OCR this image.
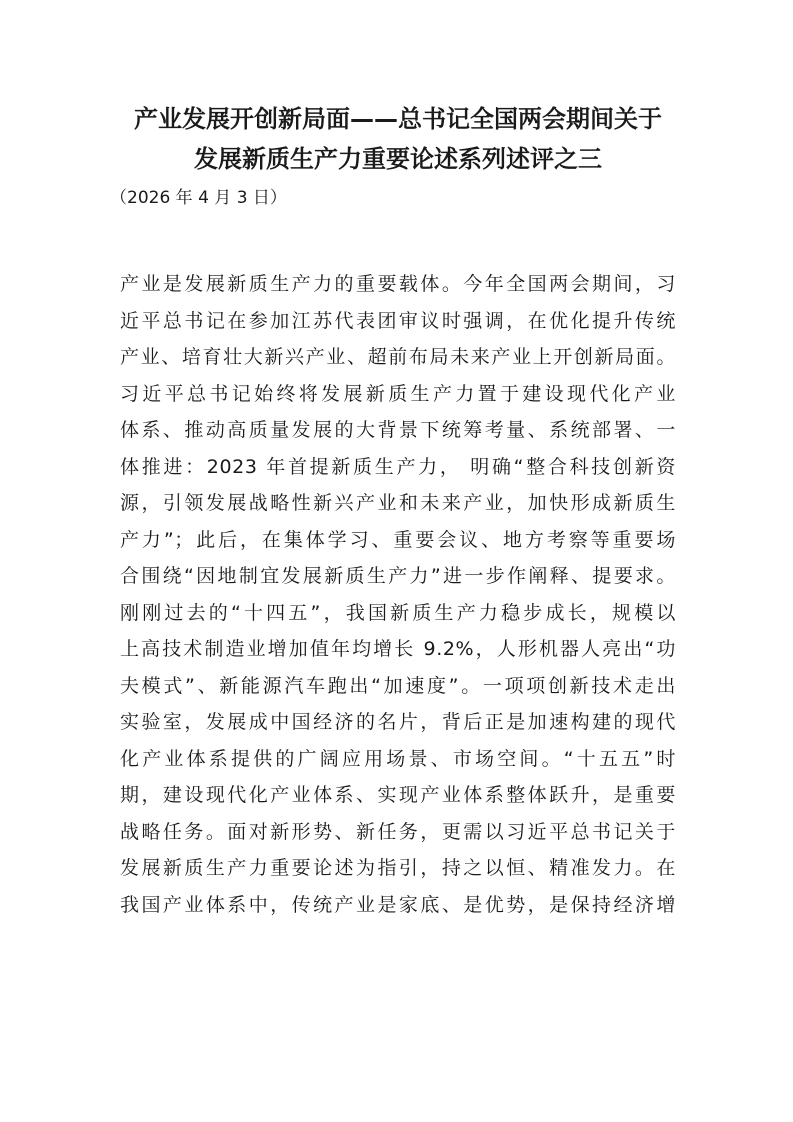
产业发展开创新局面——总书记全国两会期间关于
发展新质生产力重要论述系列述评之三
（2026 年 4 月 3 日）
产业是发展新质生产力的重要载体。今年全国两会期间，习
近平总书记在参加江苏代表团审议时强调，在优化提升传统
产业、培育壮大新兴产业、超前布局未来产业上开创新局面。
习近平总书记始终将发展新质生产力置于建设现代化产业
体系、推动高质量发展的大背景下统筹考量、系统部署、一
体推进：2023 年首提新质生产力， 明确“整合科技创新资
源，引领发展战略性新兴产业和未来产业，加快形成新质生
产力”；此后，在集体学习、重要会议、地方考察等重要场
合围绕“因地制宜发展新质生产力”进一步作阐释、提要求。
刚刚过去的“十四五”，我国新质生产力稳步成长，规模以
上高技术制造业增加值年均增长 9.2%，人形机器人亮出“功
夫模式”、新能源汽车跑出“加速度”。一项项创新技术走出
实验室，发展成中国经济的名片，背后正是加速构建的现代
化产业体系提供的广阔应用场景、市场空间。“十五五”时
期，建设现代化产业体系、实现产业体系整体跃升，是重要
战略任务。面对新形势、新任务，更需以习近平总书记关于
发展新质生产力重要论述为指引，持之以恒、精准发力。在
我国产业体系中，传统产业是家底、是优势，是保持经济增
